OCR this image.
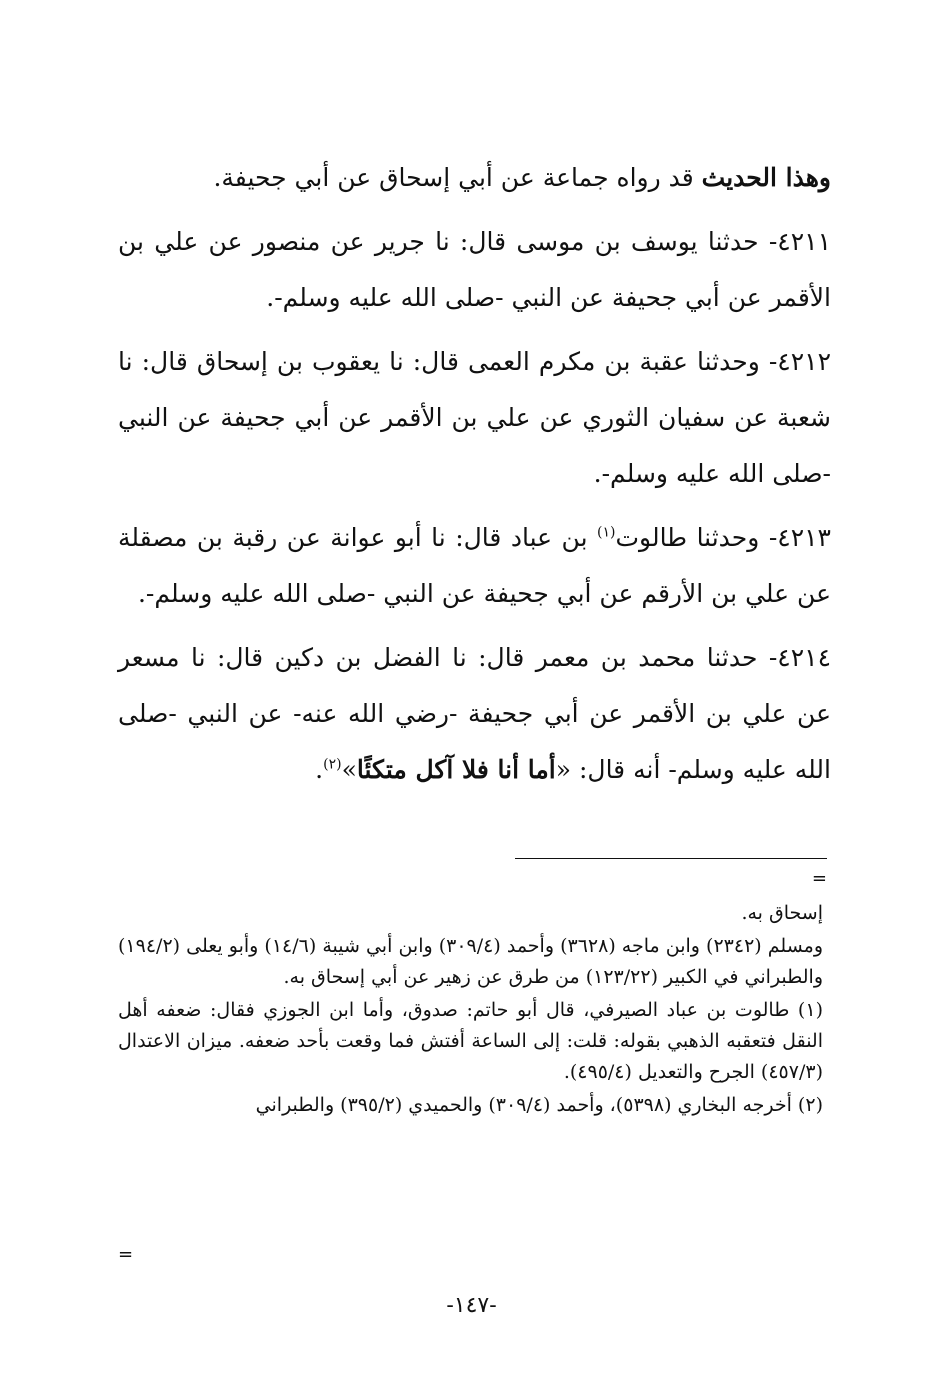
وهذا الحديث قد رواه جماعة عن أبي إسحاق عن أبي جحيفة.

٤٢١١- حدثنا يوسف بن موسى قال: نا جرير عن منصور عن علي بن الأقمر عن أبي جحيفة عن النبي -صلى الله عليه وسلم-.

٤٢١٢- وحدثنا عقبة بن مكرم العمى قال: نا يعقوب بن إسحاق قال: نا شعبة عن سفيان الثوري عن علي بن الأقمر عن أبي جحيفة عن النبي -صلى الله عليه وسلم-.

٤٢١٣- وحدثنا طالوت$^{(١)}$ بن عباد قال: نا أبو عوانة عن رقبة بن مصقلة عن علي بن الأرقم عن أبي جحيفة عن النبي -صلى الله عليه وسلم-.

٤٢١٤- حدثنا محمد بن معمر قال: نا الفضل بن دكين قال: نا مسعر عن علي بن الأقمر عن أبي جحيفة -رضي الله عنه- عن النبي -صلى الله عليه وسلم- أنه قال: «أما أنا فلا آكل متكئًا»$^{(٢)}$.

=

إسحاق به.

ومسلم (٢٣٤٢) وابن ماجه (٣٦٢٨) وأحمد (٣٠٩/٤) وابن أبي شيبة (١٤/٦) وأبو يعلى (١٩٤/٢) والطبراني في الكبير (١٢٣/٢٢) من طرق عن زهير عن أبي إسحاق به.

(١) طالوت بن عباد الصيرفي، قال أبو حاتم: صدوق، وأما ابن الجوزي فقال: ضعفه أهل النقل فتعقبه الذهبي بقوله: قلت: إلى الساعة أفتش فما وقعت بأحد ضعفه. ميزان الاعتدال (٤٥٧/٣) الجرح والتعديل (٤٩٥/٤).

(٢) أخرجه البخاري (٥٣٩٨)، وأحمد (٣٠٩/٤) والحميدي (٣٩٥/٢) والطبراني

=
-١٤٧-
